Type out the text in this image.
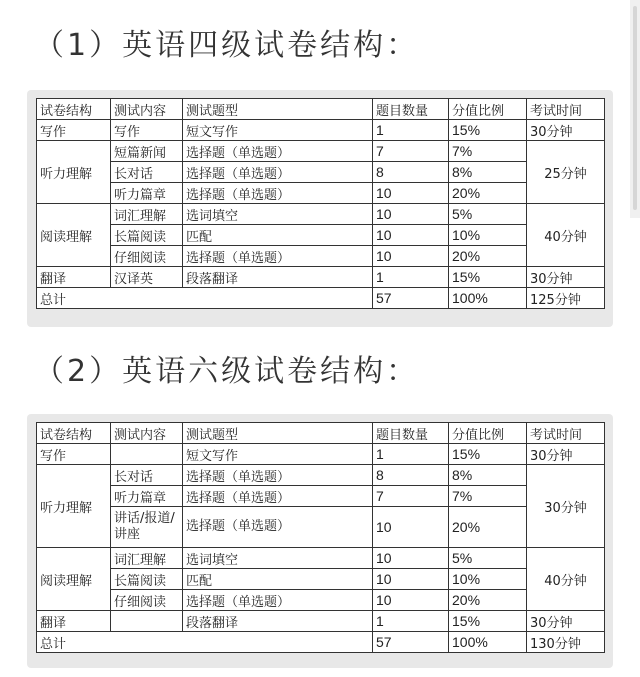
（1）英语四级试卷结构：
试卷结构	测试内容	测试题型	题目数量	分值比例	考试时间
写作	写作	短文写作	1	15%	30分钟
听力理解	短篇新闻	选择题（单选题）	7	7%	25分钟
	长对话	选择题（单选题）	8	8%	
	听力篇章	选择题（单选题）	10	20%	
阅读理解	词汇理解	选词填空	10	5%	40分钟
	长篇阅读	匹配	10	10%	
	仔细阅读	选择题（单选题）	10	20%	
翻译	汉译英	段落翻译	1	15%	30分钟
总计			57	100%	125分钟
（2）英语六级试卷结构：
试卷结构	测试内容	测试题型	题目数量	分值比例	考试时间
写作		短文写作	1	15%	30分钟
听力理解	长对话	选择题（单选题）	8	8%	30分钟
	听力篇章	选择题（单选题）	7	7%	
	讲话/报道/讲座	选择题（单选题）	10	20%	
阅读理解	词汇理解	选词填空	10	5%	40分钟
	长篇阅读	匹配	10	10%	
	仔细阅读	选择题（单选题）	10	20%	
翻译		段落翻译	1	15%	30分钟
总计			57	100%	130分钟
